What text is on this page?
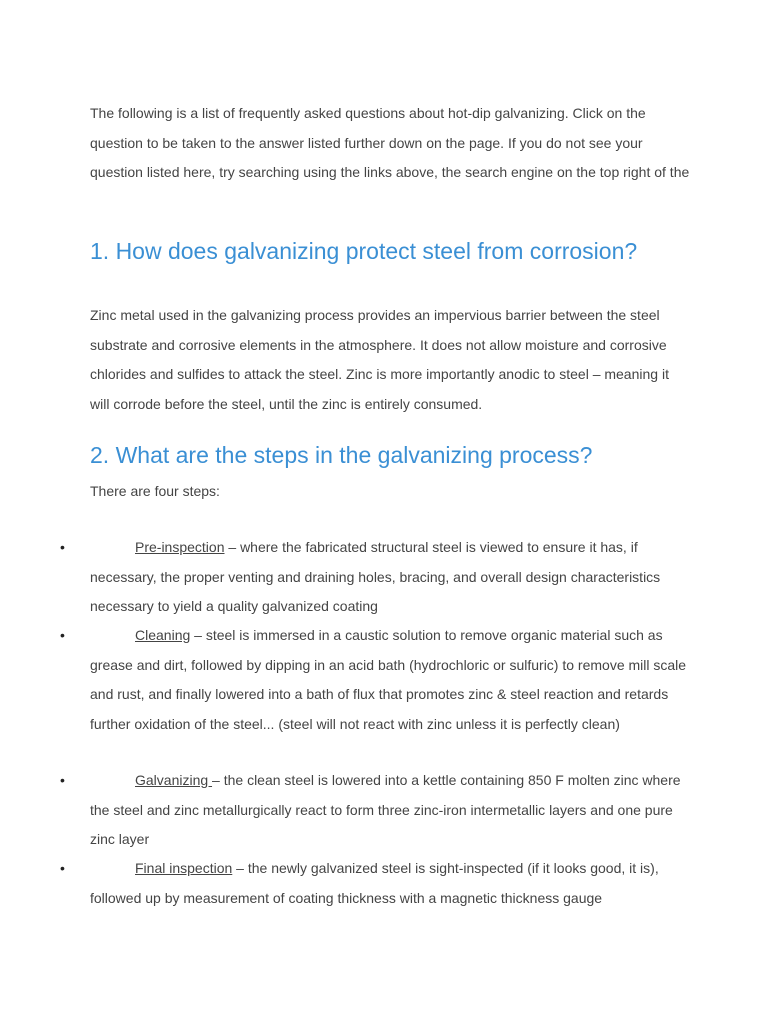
The following is a list of frequently asked questions about hot-dip galvanizing. Click on the question to be taken to the answer listed further down on the page. If you do not see your question listed here, try searching using the links above, the search engine on the top right of the

1. How does galvanizing protect steel from corrosion?

Zinc metal used in the galvanizing process provides an impervious barrier between the steel substrate and corrosive elements in the atmosphere. It does not allow moisture and corrosive chlorides and sulfides to attack the steel. Zinc is more importantly anodic to steel – meaning it will corrode before the steel, until the zinc is entirely consumed.

2. What are the steps in the galvanizing process?

There are four steps:

•	Pre-inspection – where the fabricated structural steel is viewed to ensure it has, if necessary, the proper venting and draining holes, bracing, and overall design characteristics necessary to yield a quality galvanized coating

•	Cleaning – steel is immersed in a caustic solution to remove organic material such as grease and dirt, followed by dipping in an acid bath (hydrochloric or sulfuric) to remove mill scale and rust, and finally lowered into a bath of flux that promotes zinc & steel reaction and retards further oxidation of the steel... (steel will not react with zinc unless it is perfectly clean)

•	Galvanizing – the clean steel is lowered into a kettle containing 850 F molten zinc where the steel and zinc metallurgically react to form three zinc-iron intermetallic layers and one pure zinc layer

•	Final inspection – the newly galvanized steel is sight-inspected (if it looks good, it is), followed up by measurement of coating thickness with a magnetic thickness gauge
